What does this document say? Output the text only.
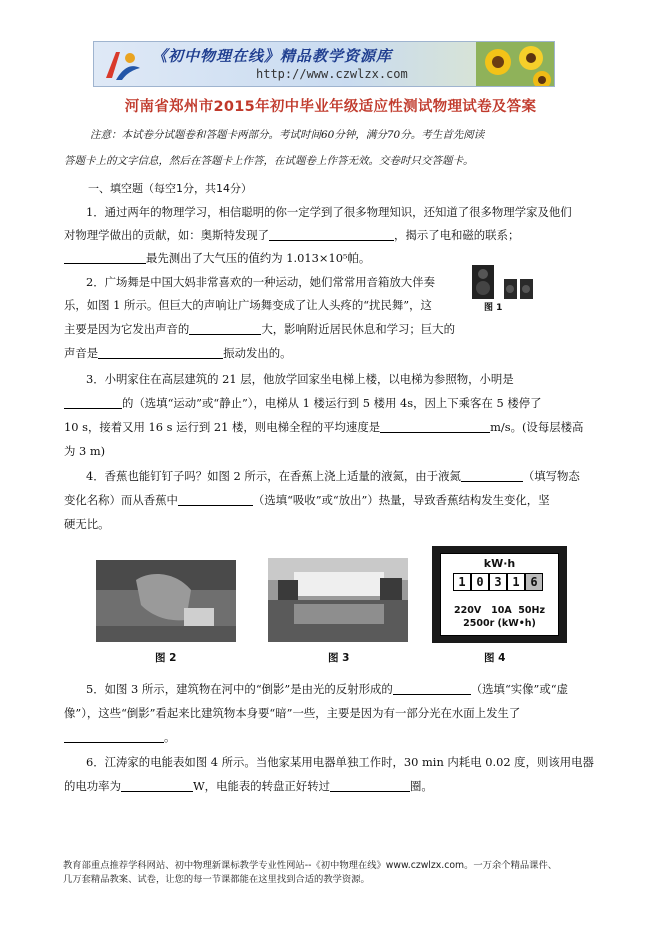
《初中物理在线》精品教学资源库
http://www.czwlzx.com
河南省郑州市2015年初中毕业年级适应性测试物理试卷及答案
注意：本试卷分试题卷和答题卡两部分。考试时间60分钟，满分70分。考生首先阅读
答题卡上的文字信息，然后在答题卡上作答，在试题卷上作答无效。交卷时只交答题卡。
一、填空题（每空1分，共14分）
1．通过两年的物理学习，相信聪明的你一定学到了很多物理知识，还知道了很多物理学家及他们
对物理学做出的贡献，如：奥斯特发现了	，揭示了电和磁的联系；
最先测出了大气压的值约为 1.013×10⁵帕。
2．广场舞是中国大妈非常喜欢的一种运动，她们常常用音箱放大伴奏
乐，如图 1 所示。但巨大的声响让广场舞变成了让人头疼的“扰民舞”，这
主要是因为它发出声音的	大，影响附近居民休息和学习；巨大的
声音是	振动发出的。
图 1
3．小明家住在高层建筑的 21 层，他放学回家坐电梯上楼，以电梯为参照物，小明是
的（选填“运动”或“静止”），电梯从 1 楼运行到 5 楼用 4s，因上下乘客在 5 楼停了
10 s，接着又用 16 s 运行到 21 楼，则电梯全程的平均速度是	m/s。(设每层楼高
为 3 m)
4．香蕉也能钉钉子吗？如图 2 所示，在香蕉上浇上适量的液氮，由于液氮	（填写物态
变化名称）而从香蕉中	（选填“吸收”或“放出”）热量，导致香蕉结构发生变化，坚
硬无比。
图 2	图 3
kW·h
1 0 3 1 6
220V   10A  50Hz
2500r (kW•h)
图 4
5．如图 3 所示，建筑物在河中的“倒影”是由光的反射形成的	（选填“实像”或“虚
像”），这些“倒影”看起来比建筑物本身要“暗”一些，主要是因为有一部分光在水面上发生了
。
6．江涛家的电能表如图 4 所示。当他家某用电器单独工作时，30 min 内耗电 0.02 度，则该用电器
的电功率为	W，电能表的转盘正好转过	圈。
教育部重点推荐学科网站、初中物理新课标教学专业性网站--《初中物理在线》www.czwlzx.com。一万余个精品课件、
几万套精品教案、试卷，让您的每一节课都能在这里找到合适的教学资源。
